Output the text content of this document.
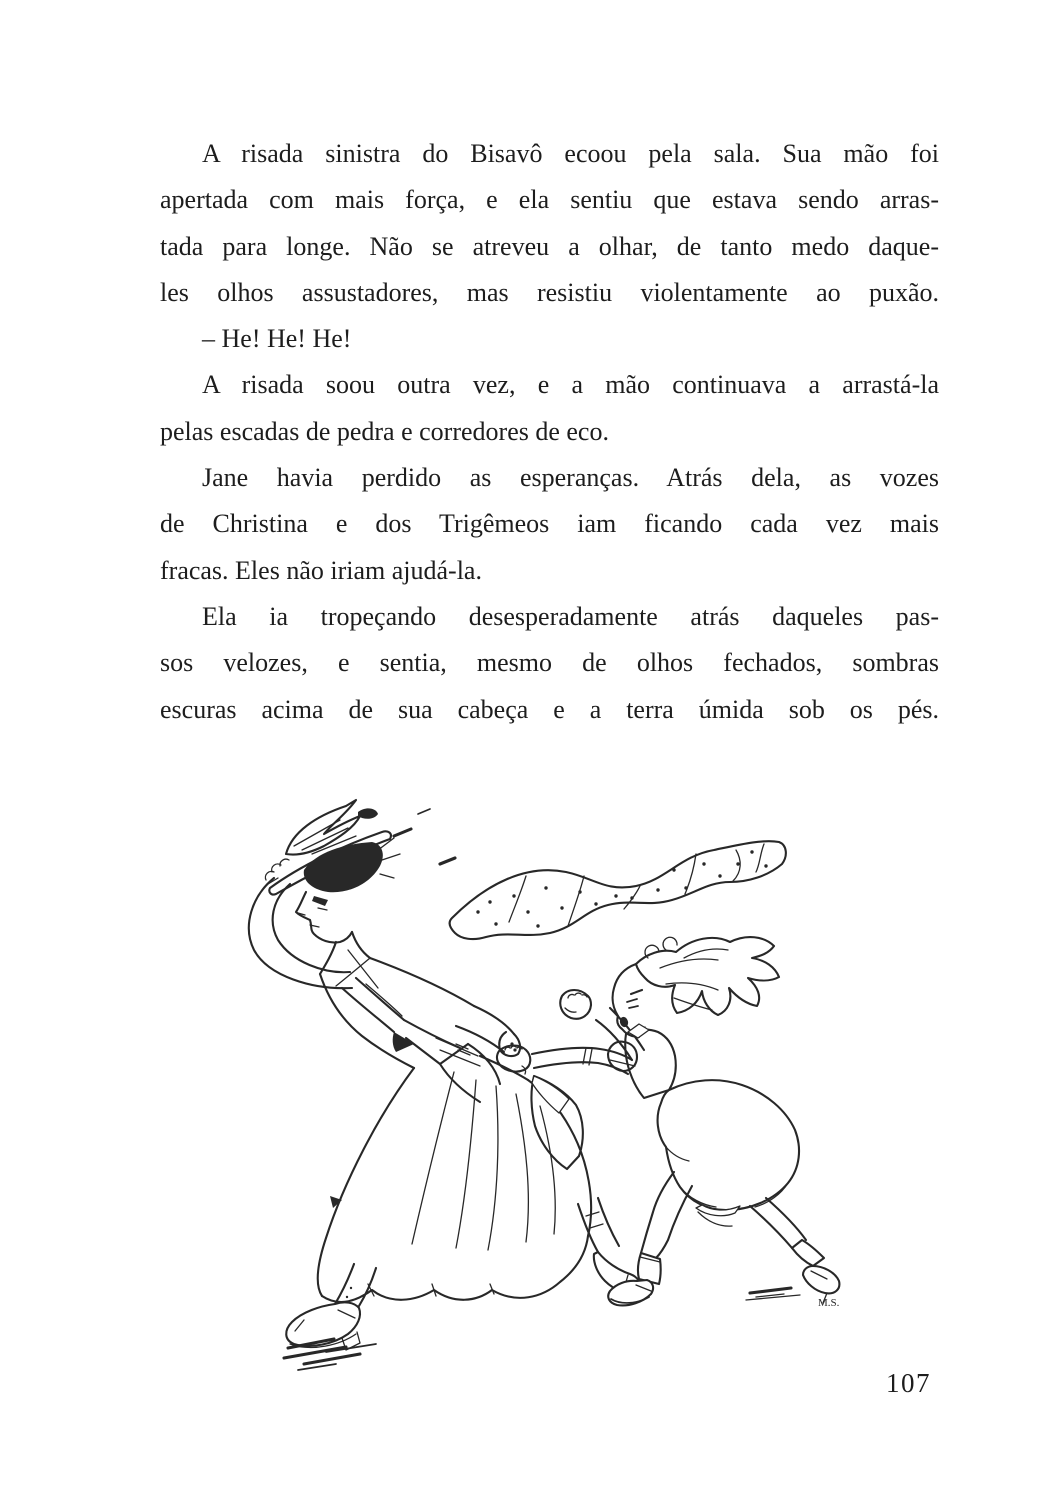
A risada sinistra do Bisavô ecoou pela sala. Sua mão foi
apertada com mais força, e ela sentiu que estava sendo arras-
tada para longe. Não se atreveu a olhar, de tanto medo daque-
les olhos assustadores, mas resistiu violentamente ao puxão.
– He! He! He!
A risada soou outra vez, e a mão continuava a arrastá-la
pelas escadas de pedra e corredores de eco.
Jane havia perdido as esperanças. Atrás dela, as vozes
de Christina e dos Trigêmeos iam ficando cada vez mais
fracas. Eles não iriam ajudá-la.
Ela ia tropeçando desesperadamente atrás daqueles pas-
sos velozes, e sentia, mesmo de olhos fechados, sombras
escuras acima de sua cabeça e a terra úmida sob os pés.
M.S.
107
